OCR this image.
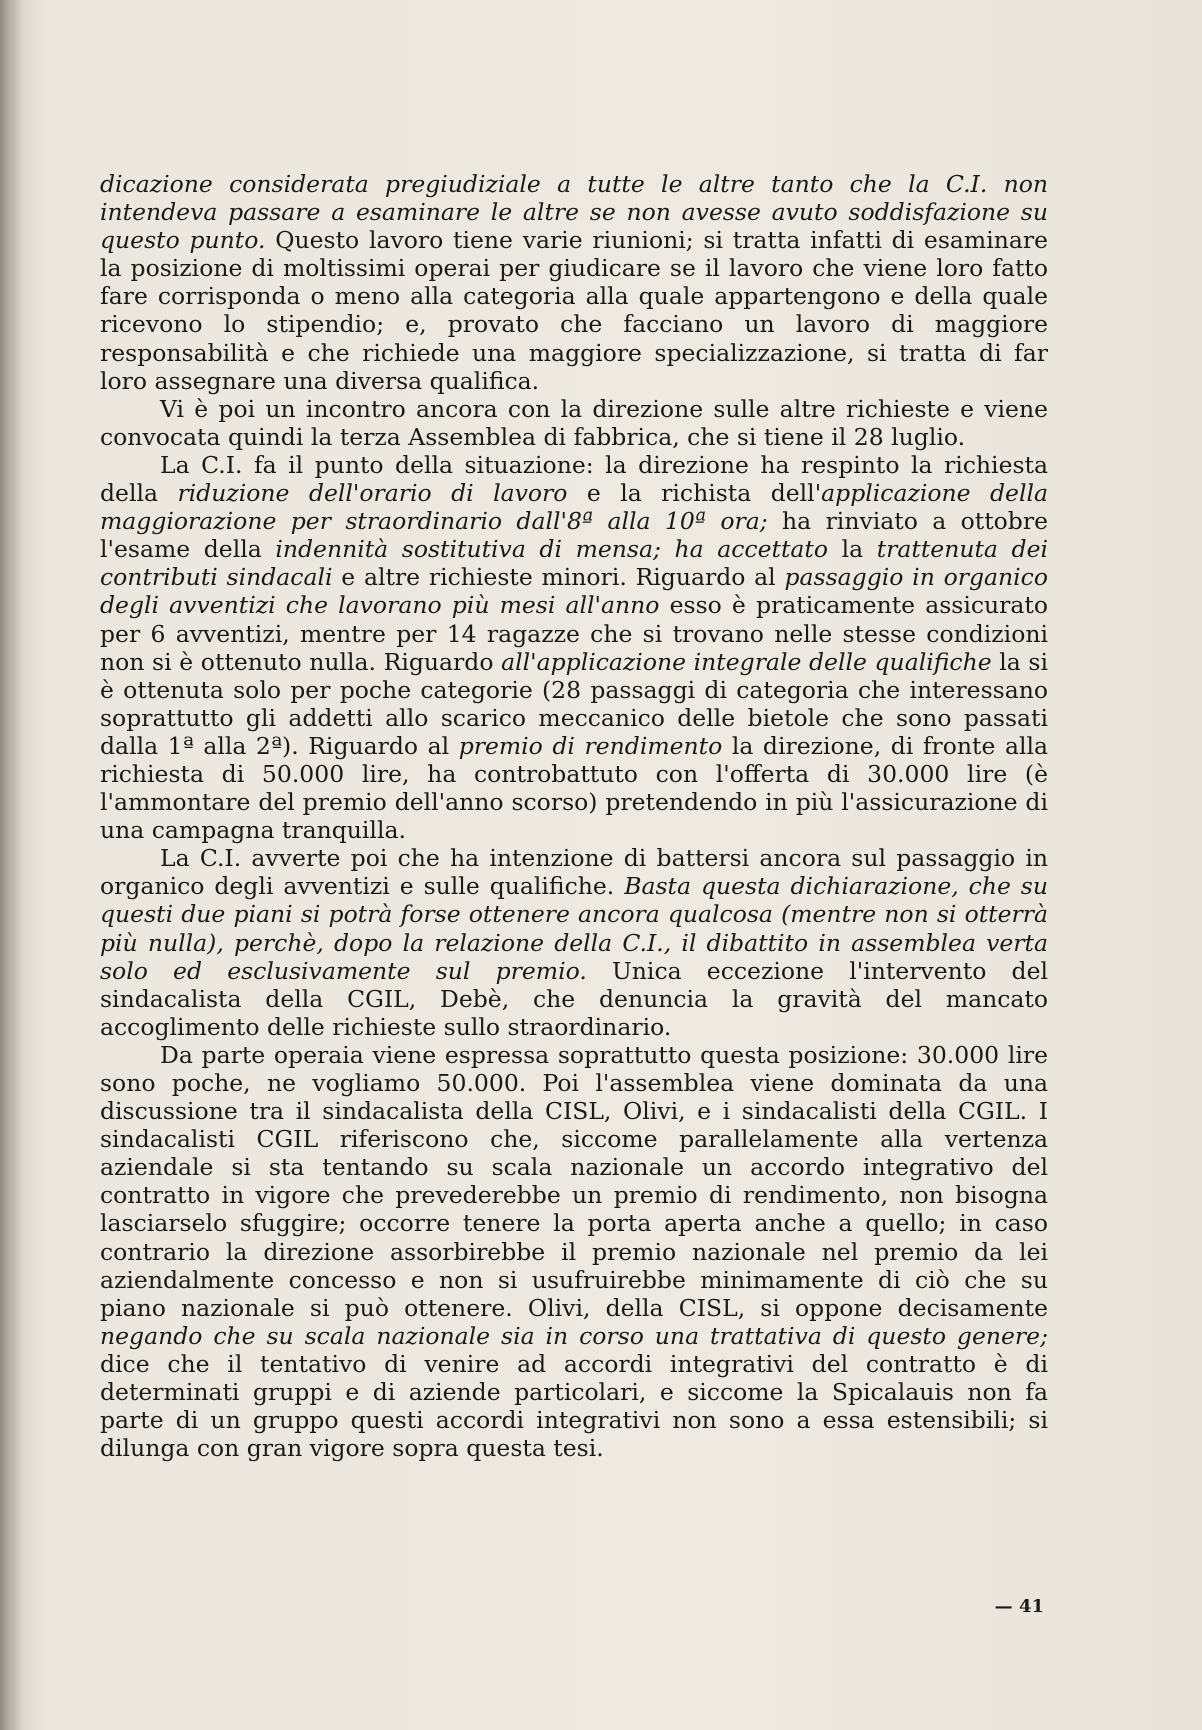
dicazione considerata pregiudiziale a tutte le altre tanto che la C.I. non intendeva passare a esaminare le altre se non avesse avuto soddisfazione su questo punto. Questo lavoro tiene varie riunioni; si tratta infatti di esaminare la posizione di moltissimi operai per giudicare se il lavoro che viene loro fatto fare corrisponda o meno alla categoria alla quale appartengono e della quale ricevono lo stipendio; e, provato che facciano un lavoro di maggiore responsabilità e che richiede una maggiore specializzazione, si tratta di far loro assegnare una diversa qualifica.

Vi è poi un incontro ancora con la direzione sulle altre richieste e viene convocata quindi la terza Assemblea di fabbrica, che si tiene il 28 luglio.

La C.I. fa il punto della situazione: la direzione ha respinto la richiesta della riduzione dell'orario di lavoro e la richista dell'applicazione della maggiorazione per straordinario dall'8ª alla 10ª ora; ha rinviato a ottobre l'esame della indennità sostitutiva di mensa; ha accettato la trattenuta dei contributi sindacali e altre richieste minori. Riguardo al passaggio in organico degli avventizi che lavorano più mesi all'anno esso è praticamente assicurato per 6 avventizi, mentre per 14 ragazze che si trovano nelle stesse condizioni non si è ottenuto nulla. Riguardo all'applicazione integrale delle qualifiche la si è ottenuta solo per poche categorie (28 passaggi di categoria che interessano soprattutto gli addetti allo scarico meccanico delle bietole che sono passati dalla 1ª alla 2ª). Riguardo al premio di rendimento la direzione, di fronte alla richiesta di 50.000 lire, ha controbattuto con l'offerta di 30.000 lire (è l'ammontare del premio dell'anno scorso) pretendendo in più l'assicurazione di una campagna tranquilla.

La C.I. avverte poi che ha intenzione di battersi ancora sul passaggio in organico degli avventizi e sulle qualifiche. Basta questa dichiarazione, che su questi due piani si potrà forse ottenere ancora qualcosa (mentre non si otterrà più nulla), perchè, dopo la relazione della C.I., il dibattito in assemblea verta solo ed esclusivamente sul premio. Unica eccezione l'intervento del sindacalista della CGIL, Debè, che denuncia la gravità del mancato accoglimento delle richieste sullo straordinario.

Da parte operaia viene espressa soprattutto questa posizione: 30.000 lire sono poche, ne vogliamo 50.000. Poi l'assemblea viene dominata da una discussione tra il sindacalista della CISL, Olivi, e i sindacalisti della CGIL. I sindacalisti CGIL riferiscono che, siccome parallelamente alla vertenza aziendale si sta tentando su scala nazionale un accordo integrativo del contratto in vigore che prevederebbe un premio di rendimento, non bisogna lasciarselo sfuggire; occorre tenere la porta aperta anche a quello; in caso contrario la direzione assorbirebbe il premio nazionale nel premio da lei aziendalmente concesso e non si usufruirebbe minimamente di ciò che su piano nazionale si può ottenere. Olivi, della CISL, si oppone decisamente negando che su scala nazionale sia in corso una trattativa di questo genere; dice che il tentativo di venire ad accordi integrativi del contratto è di determinati gruppi e di aziende particolari, e siccome la Spicalauis non fa parte di un gruppo questi accordi integrativi non sono a essa estensibili; si dilunga con gran vigore sopra questa tesi.

— 41
